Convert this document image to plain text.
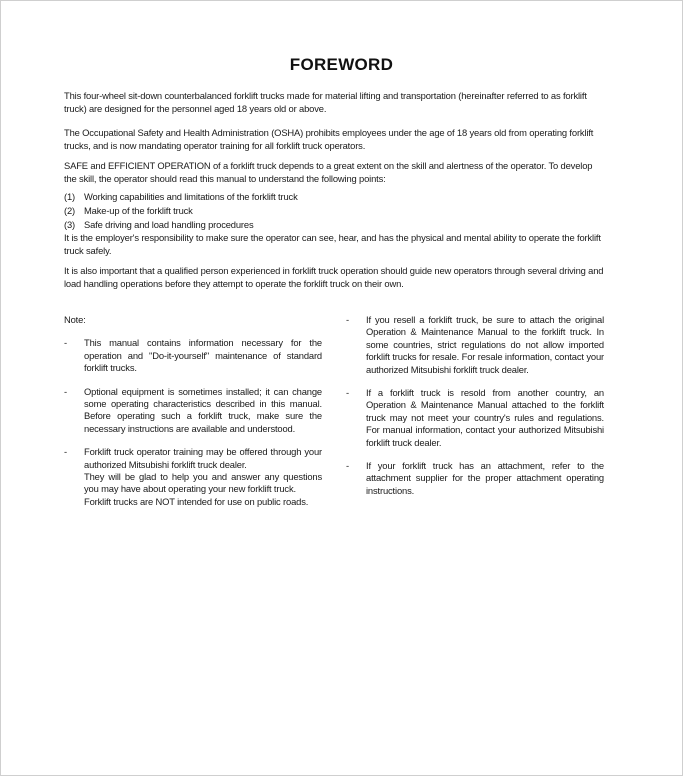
FOREWORD

This four-wheel sit-down counterbalanced forklift trucks made for material lifting and transportation (hereinafter referred to as forklift truck) are designed for the personnel aged 18 years old or above.

The Occupational Safety and Health Administration (OSHA) prohibits employees under the age of 18 years old from operating forklift trucks, and is now mandating operator training for all forklift truck operators.

SAFE and EFFICIENT OPERATION of a forklift truck depends to a great extent on the skill and alertness of the operator. To develop the skill, the operator should read this manual to understand the following points:

(1) Working capabilities and limitations of the forklift truck
(2) Make-up of the forklift truck
(3) Safe driving and load handling procedures

It is the employer's responsibility to make sure the operator can see, hear, and has the physical and mental ability to operate the forklift truck safely.

It is also important that a qualified person experienced in forklift truck operation should guide new operators through several driving and load handling operations before they attempt to operate the forklift truck on their own.

Note:

-	This manual contains information necessary for the operation and "Do-it-yourself" maintenance of standard forklift trucks.
-	Optional equipment is sometimes installed; it can change some operating characteristics described in this manual. Before operating such a forklift truck, make sure the necessary instructions are available and understood.
-	Forklift truck operator training may be offered through your authorized Mitsubishi forklift truck dealer.
They will be glad to help you and answer any questions you may have about operating your new forklift truck.
Forklift trucks are NOT intended for use on public roads.
-	If you resell a forklift truck, be sure to attach the original Operation & Maintenance Manual to the forklift truck. In some countries, strict regulations do not allow imported forklift trucks for resale. For resale information, contact your authorized Mitsubishi forklift truck dealer.
-	If a forklift truck is resold from another country, an Operation & Maintenance Manual attached to the forklift truck may not meet your country's rules and regulations. For manual information, contact your authorized Mitsubishi forklift truck dealer.
-	If your forklift truck has an attachment, refer to the attachment supplier for the proper attachment operating instructions.
